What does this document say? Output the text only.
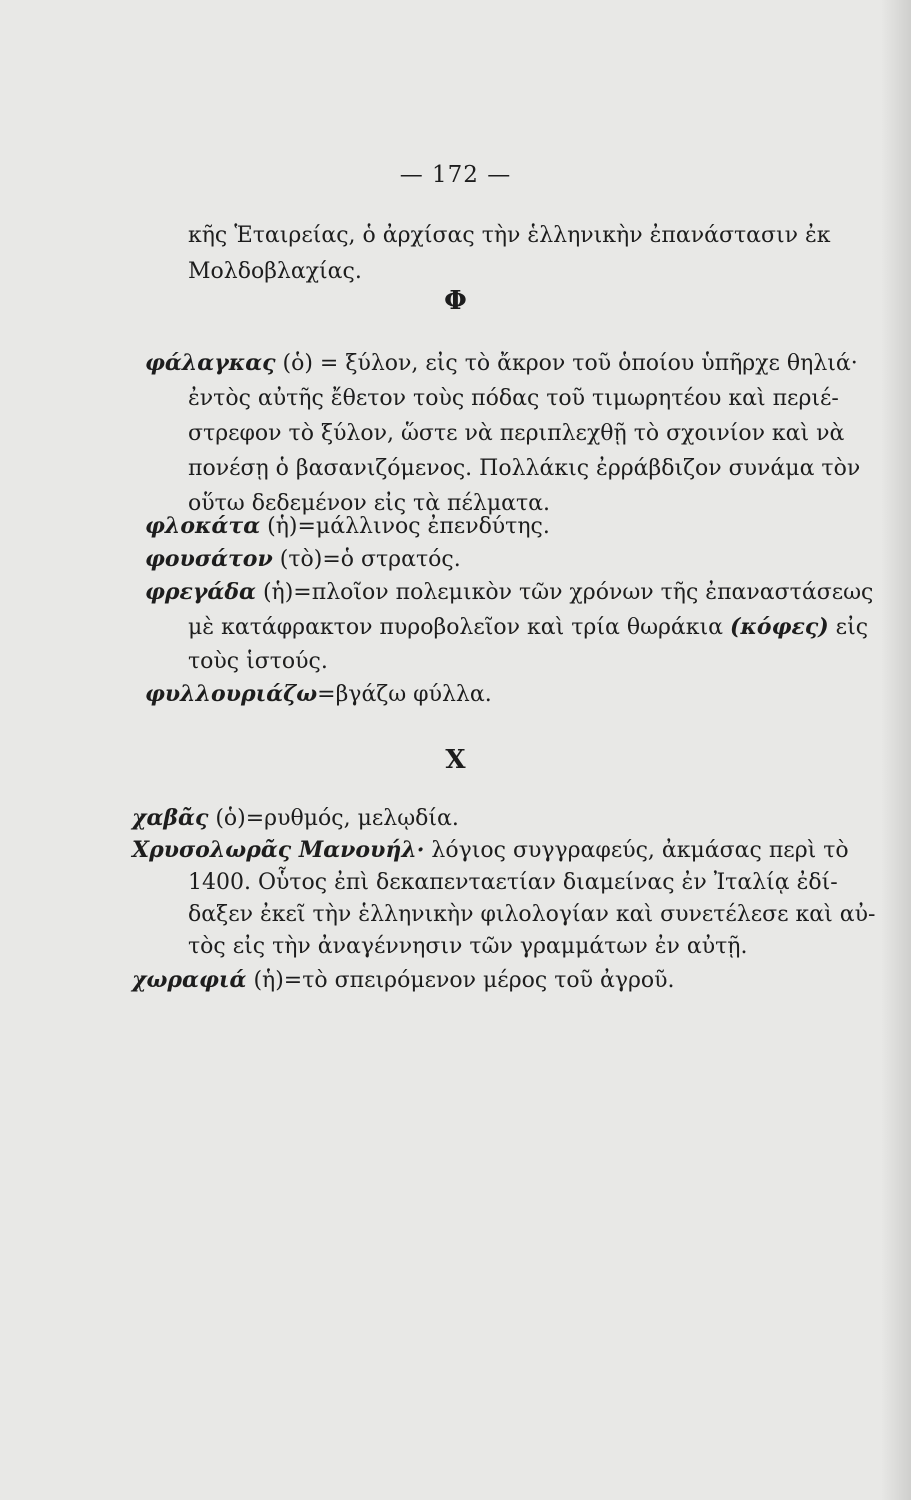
— 172 —
κῆς Ἑταιρείας, ὁ ἀρχίσας τὴν ἑλληνικὴν ἐπανάστασιν ἐκ
Μολδοβλαχίας.
Φ
φάλαγκας (ὁ) = ξύλον, εἰς τὸ ἄκρον τοῦ ὁποίου ὑπῆρχε θηλιά·
ἐντὸς αὐτῆς ἔθετον τοὺς πόδας τοῦ τιμωρητέου καὶ περιέ-
στρεφον τὸ ξύλον, ὥστε νὰ περιπλεχθῇ τὸ σχοινίον καὶ νὰ
πονέσῃ ὁ βασανιζόμενος. Πολλάκις ἐρράβδιζον συνάμα τὸν
οὕτω δεδεμένον εἰς τὰ πέλματα.
φλοκάτα (ἡ)=μάλλινος ἐπενδύτης.
φουσάτον (τὸ)=ὁ στρατός.
φρεγάδα (ἡ)=πλοῖον πολεμικὸν τῶν χρόνων τῆς ἐπαναστάσεως
μὲ κατάφρακτον πυροβολεῖον καὶ τρία θωράκια (κόφες) εἰς
τοὺς ἱστούς.
φυλλουριάζω=βγάζω φύλλα.
Χ
χαβᾶς (ὁ)=ρυθμός, μελῳδία.
Χρυσολωρᾶς Μανουήλ· λόγιος συγγραφεύς, ἀκμάσας περὶ τὸ
1400. Οὗτος ἐπὶ δεκαπενταετίαν διαμείνας ἐν Ἰταλίᾳ ἐδί-
δαξεν ἐκεῖ τὴν ἑλληνικὴν φιλολογίαν καὶ συνετέλεσε καὶ αὐ-
τὸς εἰς τὴν ἀναγέννησιν τῶν γραμμάτων ἐν αὐτῇ.
χωραφιά (ἡ)=τὸ σπειρόμενον μέρος τοῦ ἀγροῦ.
